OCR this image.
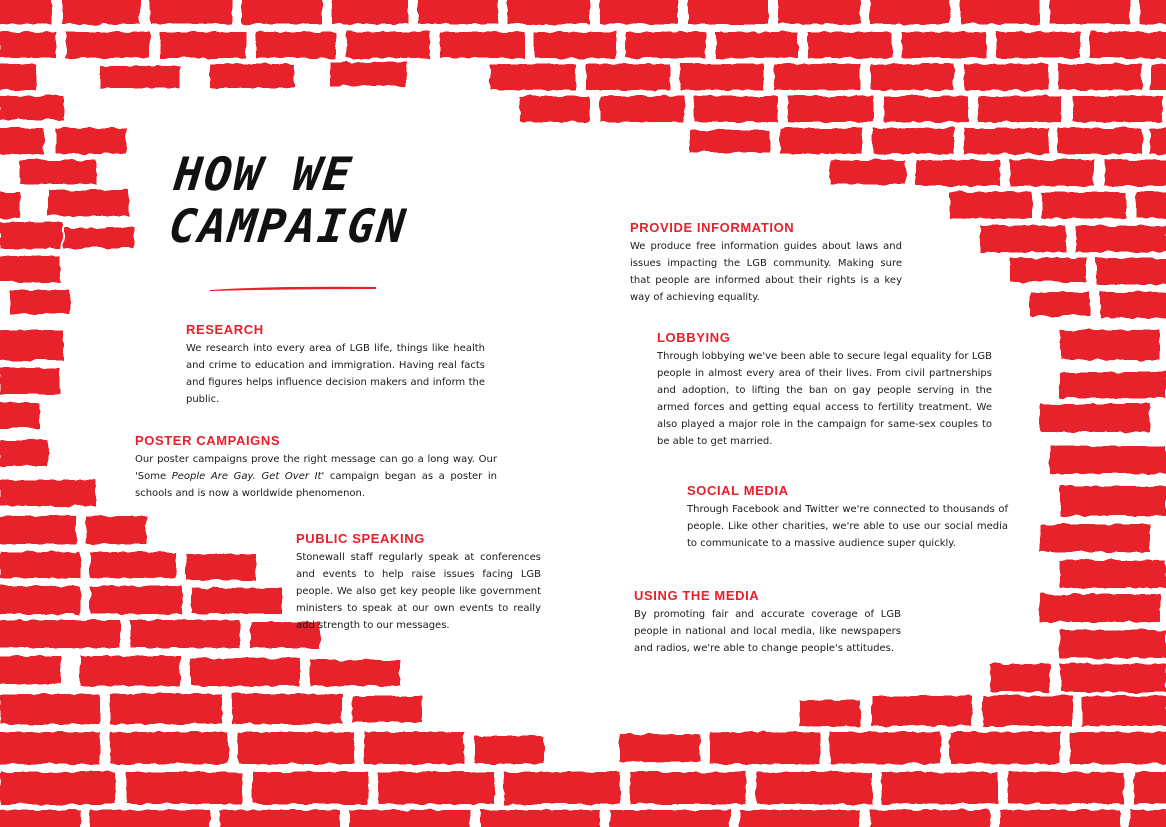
HOW WE
CAMPAIGN
RESEARCH

We research into every area of LGB life, things like health and crime to education and immigration. Having real facts and figures helps influence decision makers and inform the public.

POSTER CAMPAIGNS

Our poster campaigns prove the right message can go a long way. Our 'Some People Are Gay. Get Over It' campaign began as a poster in schools and is now a worldwide phenomenon.

PUBLIC SPEAKING

Stonewall staff regularly speak at conferences and events to help raise issues facing LGB people. We also get key people like government ministers to speak at our own events to really add strength to our messages.

PROVIDE INFORMATION

We produce free information guides about laws and issues impacting the LGB community. Making sure that people are informed about their rights is a key way of achieving equality.

LOBBYING

Through lobbying we've been able to secure legal equality for LGB people in almost every area of their lives. From civil partnerships and adoption, to lifting the ban on gay people serving in the armed forces and getting equal access to fertility treatment. We also played a major role in the campaign for same-sex couples to be able to get married.

SOCIAL MEDIA

Through Facebook and Twitter we're connected to thousands of people. Like other charities, we're able to use our social media to communicate to a massive audience super quickly.

USING THE MEDIA

By promoting fair and accurate coverage of LGB people in national and local media, like newspapers and radios, we're able to change people's attitudes.
